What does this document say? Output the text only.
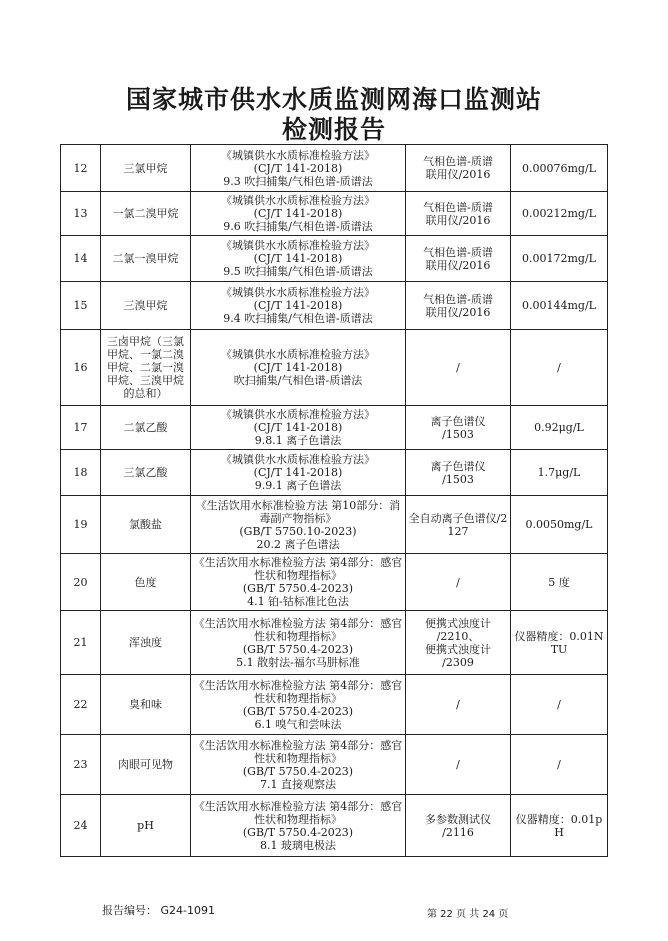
国家城市供水水质监测网海口监测站
检测报告
12	三氯甲烷	《城镇供水水质标准检验方法》
(CJ/T 141-2018)
9.3 吹扫捕集/气相色谱-质谱法	气相色谱-质谱
联用仪/2016	0.00076mg/L
13	一氯二溴甲烷	《城镇供水水质标准检验方法》
(CJ/T 141-2018)
9.6 吹扫捕集/气相色谱-质谱法	气相色谱-质谱
联用仪/2016	0.00212mg/L
14	二氯一溴甲烷	《城镇供水水质标准检验方法》
(CJ/T 141-2018)
9.5 吹扫捕集/气相色谱-质谱法	气相色谱-质谱
联用仪/2016	0.00172mg/L
15	三溴甲烷	《城镇供水水质标准检验方法》
(CJ/T 141-2018)
9.4 吹扫捕集/气相色谱-质谱法	气相色谱-质谱
联用仪/2016	0.00144mg/L
16	三卤甲烷（三氯甲烷、一氯二溴甲烷、二氯一溴甲烷、三溴甲烷的总和）	《城镇供水水质标准检验方法》
(CJ/T 141-2018)
吹扫捕集/气相色谱-质谱法	/	/
17	二氯乙酸	《城镇供水水质标准检验方法》
(CJ/T 141-2018)
9.8.1 离子色谱法	离子色谱仪
/1503	0.92μg/L
18	三氯乙酸	《城镇供水水质标准检验方法》
(CJ/T 141-2018)
9.9.1 离子色谱法	离子色谱仪
/1503	1.7μg/L
19	氯酸盐	《生活饮用水标准检验方法 第10部分：消毒副产物指标》
(GB/T 5750.10-2023)
20.2 离子色谱法	全自动离子色谱仪/2127	0.0050mg/L
20	色度	《生活饮用水标准检验方法 第4部分：感官性状和物理指标》
(GB/T 5750.4-2023)
4.1 铂-钴标准比色法	/	5 度
21	浑浊度	《生活饮用水标准检验方法 第4部分：感官性状和物理指标》
(GB/T 5750.4-2023)
5.1 散射法-福尔马肼标准	便携式浊度计
/2210、
便携式浊度计
/2309	仪器精度：0.01NTU
22	臭和味	《生活饮用水标准检验方法 第4部分：感官性状和物理指标》
(GB/T 5750.4-2023)
6.1 嗅气和尝味法	/	/
23	肉眼可见物	《生活饮用水标准检验方法 第4部分：感官性状和物理指标》
(GB/T 5750.4-2023)
7.1 直接观察法	/	/
24	pH	《生活饮用水标准检验方法 第4部分：感官性状和物理指标》
(GB/T 5750.4-2023)
8.1 玻璃电极法	多参数测试仪
/2116	仪器精度：0.01pH
报告编号： G24-1091	第 22 页 共 24 页
